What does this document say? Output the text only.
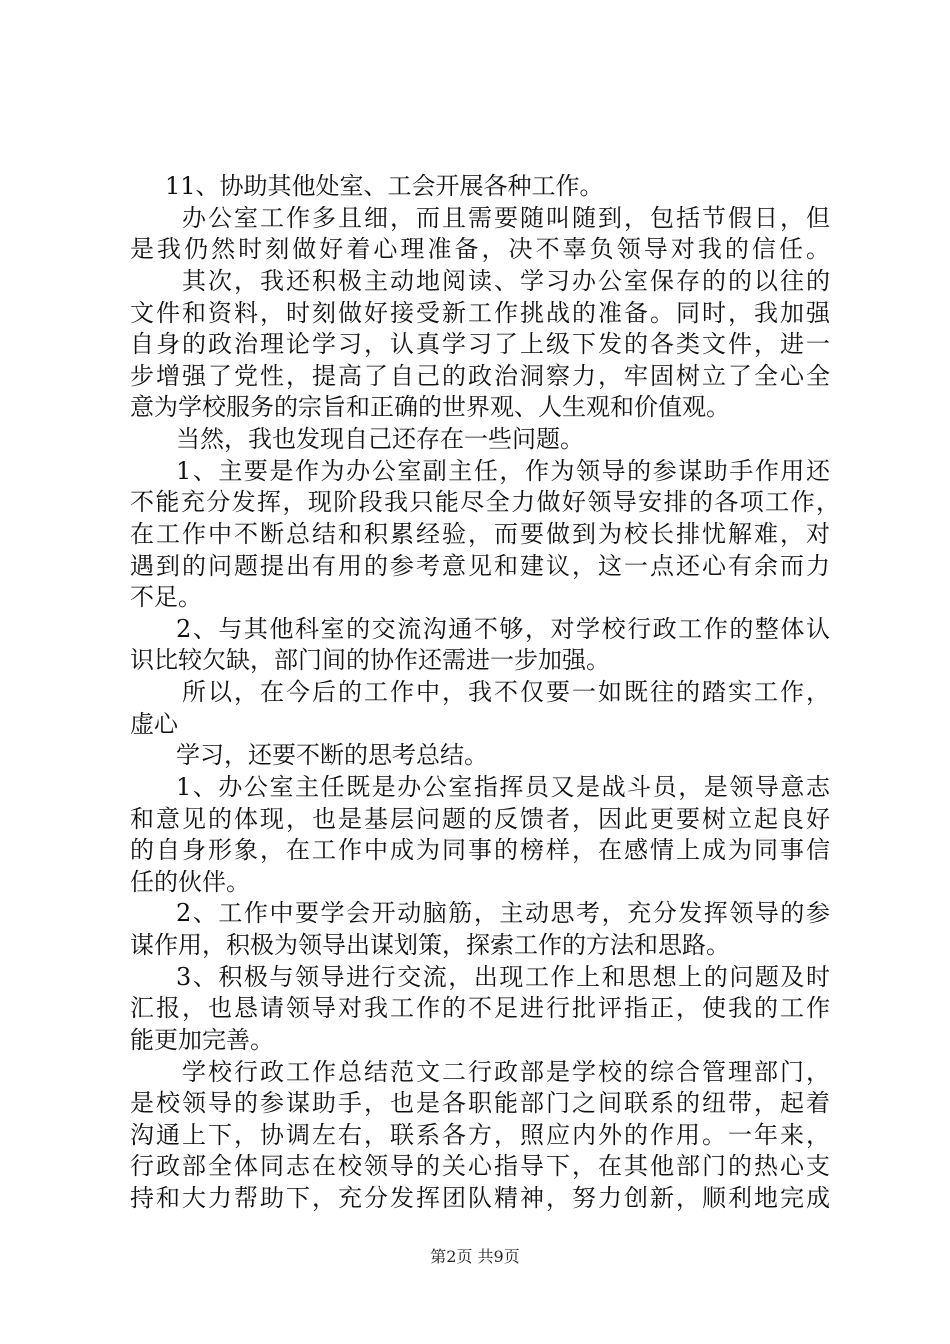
11、协助其他处室、工会开展各种工作。
办公室工作多且细，而且需要随叫随到，包括节假日，但
是我仍然时刻做好着心理准备，决不辜负领导对我的信任。
其次，我还积极主动地阅读、学习办公室保存的的以往的
文件和资料，时刻做好接受新工作挑战的准备。同时，我加强
自身的政治理论学习，认真学习了上级下发的各类文件，进一
步增强了党性，提高了自己的政治洞察力，牢固树立了全心全
意为学校服务的宗旨和正确的世界观、人生观和价值观。
当然，我也发现自己还存在一些问题。
1、主要是作为办公室副主任，作为领导的参谋助手作用还
不能充分发挥，现阶段我只能尽全力做好领导安排的各项工作，
在工作中不断总结和积累经验，而要做到为校长排忧解难，对
遇到的问题提出有用的参考意见和建议，这一点还心有余而力
不足。
2、与其他科室的交流沟通不够，对学校行政工作的整体认
识比较欠缺，部门间的协作还需进一步加强。
所以，在今后的工作中，我不仅要一如既往的踏实工作，
虚心
学习，还要不断的思考总结。
1、办公室主任既是办公室指挥员又是战斗员，是领导意志
和意见的体现，也是基层问题的反馈者，因此更要树立起良好
的自身形象，在工作中成为同事的榜样，在感情上成为同事信
任的伙伴。
2、工作中要学会开动脑筋，主动思考，充分发挥领导的参
谋作用，积极为领导出谋划策，探索工作的方法和思路。
3、积极与领导进行交流，出现工作上和思想上的问题及时
汇报，也恳请领导对我工作的不足进行批评指正，使我的工作
能更加完善。
学校行政工作总结范文二行政部是学校的综合管理部门，
是校领导的参谋助手，也是各职能部门之间联系的纽带，起着
沟通上下，协调左右，联系各方，照应内外的作用。一年来，
行政部全体同志在校领导的关心指导下，在其他部门的热心支
持和大力帮助下，充分发挥团队精神，努力创新，顺利地完成
第2页 共9页
